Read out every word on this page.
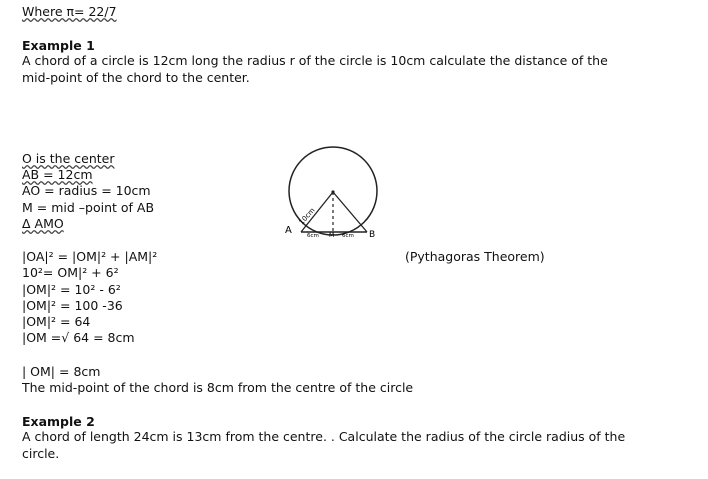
Where π= 22/7
Example 1
A chord of a circle is 12cm long the radius r of the circle is 10cm calculate the distance of the
mid-point of the chord to the center.
O is the center
AB = 12cm
AO = radius = 10cm
M = mid –point of AB
Δ AMO
|OA|² = |OM|² + |AM|²
10²= OM|² + 6²
|OM|² = 10² - 6²
|OM|² = 100 -36
|OM|² = 64
|OM =√ 64 = 8cm
(Pythagoras Theorem)
| OM| = 8cm
The mid-point of the chord is 8cm from the centre of the circle
Example 2
A chord of length 24cm is 13cm from the centre. . Calculate the radius of the circle radius of the
circle.
A	B
M
10cm
6cm	6cm
